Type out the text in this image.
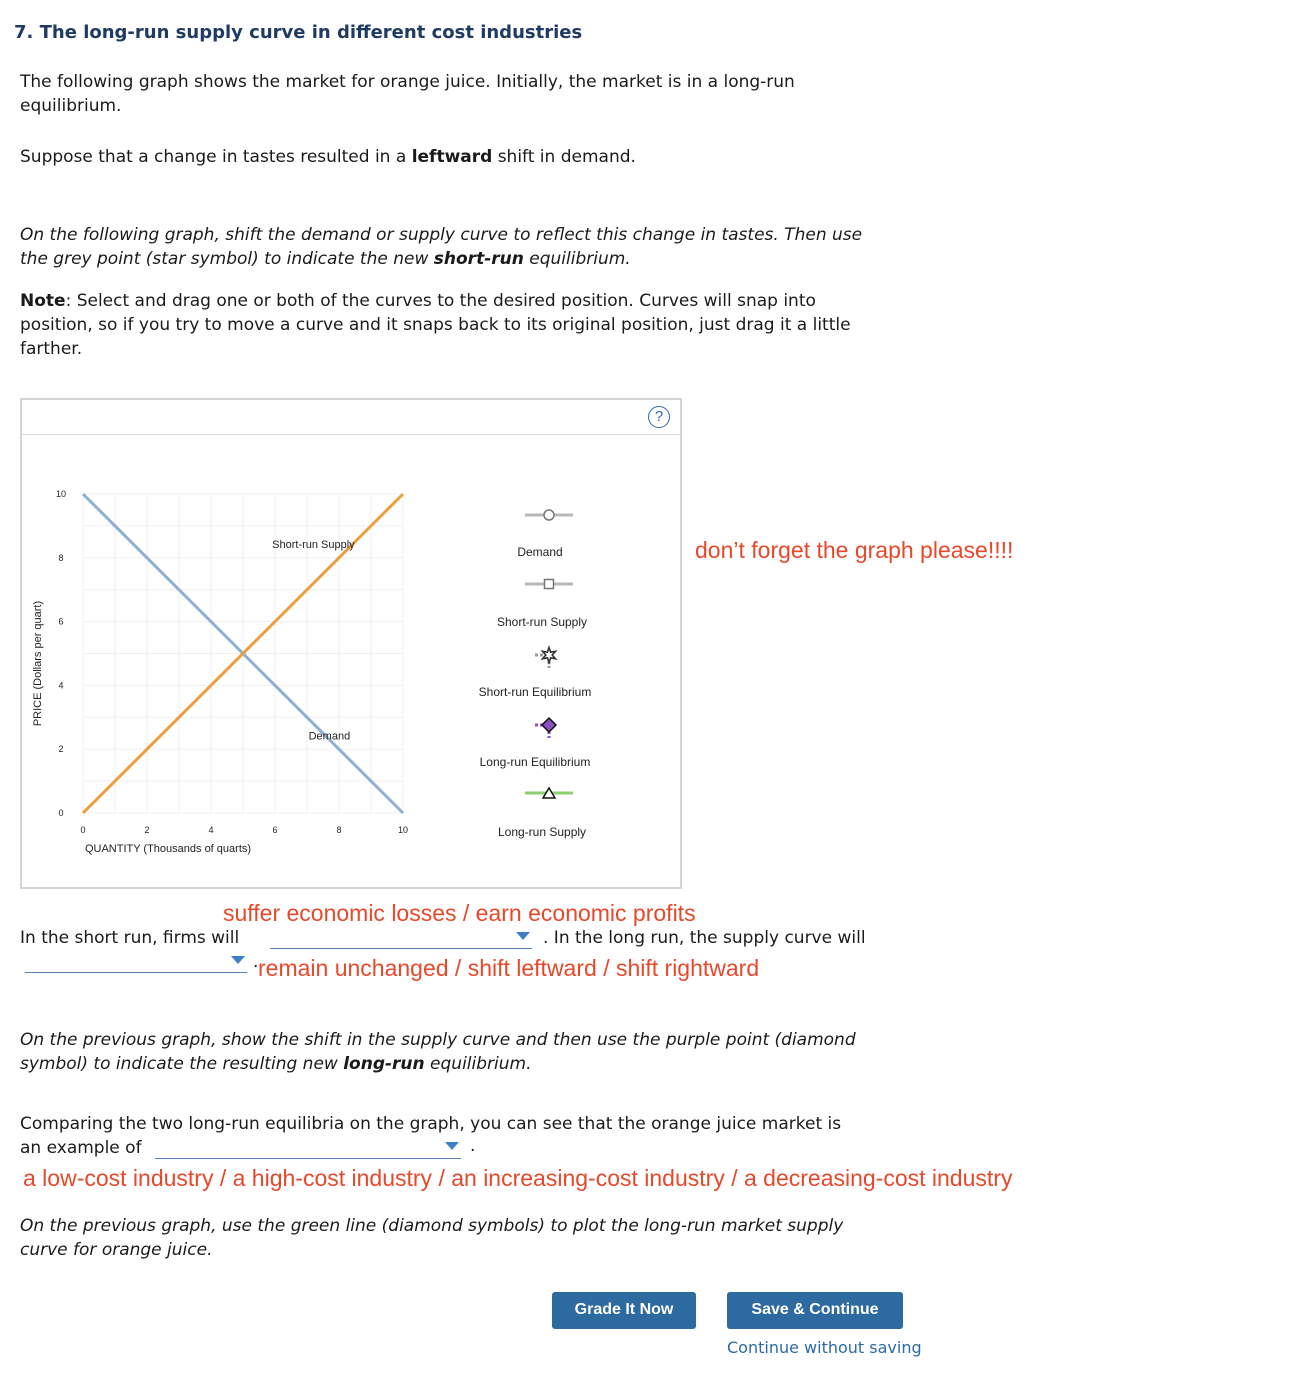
7. The long-run supply curve in different cost industries
The following graph shows the market for orange juice. Initially, the market is in a long-run
equilibrium.
Suppose that a change in tastes resulted in a leftward shift in demand.
On the following graph, shift the demand or supply curve to reflect this change in tastes. Then use
the grey point (star symbol) to indicate the new short-run equilibrium.
Note: Select and drag one or both of the curves to the desired position. Curves will snap into
position, so if you try to move a curve and it snaps back to its original position, just drag it a little
farther.
?
0	2	4	6	8	10
0
2
4
6
8
10
QUANTITY (Thousands of quarts)
PRICE (Dollars per quart)
Short-run Supply
Demand
Demand
Short-run Supply
Short-run Equilibrium
Long-run Equilibrium
Long-run Supply
don’t forget the graph please!!!!
suffer economic losses / earn economic profits
In the short run, firms will	. In the long run, the supply curve will
. remain unchanged / shift leftward / shift rightward
On the previous graph, show the shift in the supply curve and then use the purple point (diamond
symbol) to indicate the resulting new long-run equilibrium.
Comparing the two long-run equilibria on the graph, you can see that the orange juice market is
an example of	.
a low-cost industry / a high-cost industry / an increasing-cost industry / a decreasing-cost industry
On the previous graph, use the green line (diamond symbols) to plot the long-run market supply
curve for orange juice.
Grade It Now	Save & Continue
Continue without saving
